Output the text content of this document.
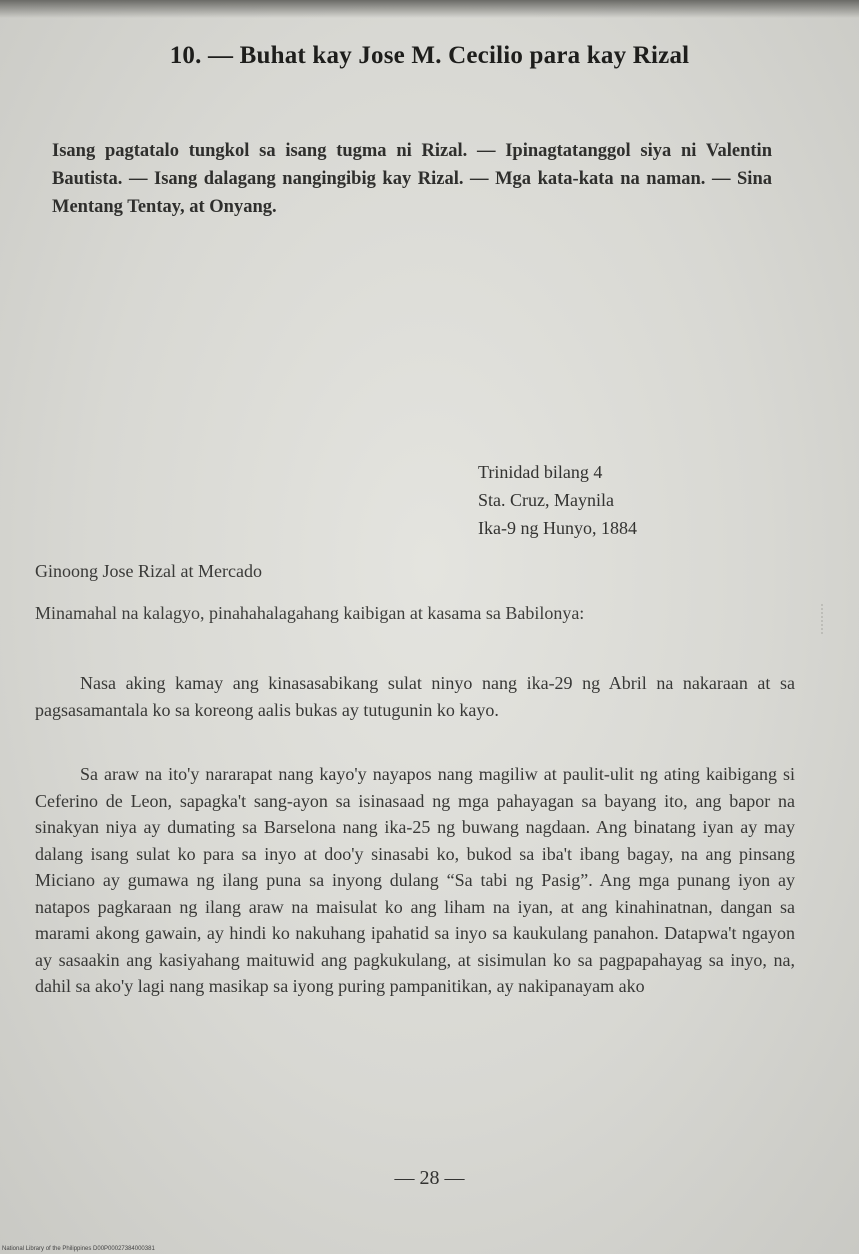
10. — Buhat kay Jose M. Cecilio para kay Rizal
Isang pagtatalo tungkol sa isang tugma ni Rizal. — Ipinagtatanggol siya ni Valentin Bautista. — Isang dalagang nangingibig kay Rizal. — Mga kata-kata na naman. — Sina Mentang Tentay, at Onyang.
Trinidad bilang 4
Sta. Cruz, Maynila
Ika-9 ng Hunyo, 1884
Ginoong Jose Rizal at Mercado
Minamahal na kalagyo, pinahahalagahang kaibigan at kasama sa Babilonya:

Nasa aking kamay ang kinasasabikang sulat ninyo nang ika-29 ng Abril na nakaraan at sa pagsasamantala ko sa koreong aalis bukas ay tutugunin ko kayo.

Sa araw na ito'y nararapat nang kayo'y nayapos nang magiliw at paulit-ulit ng ating kaibigang si Ceferino de Leon, sapagka't sang-ayon sa isinasaad ng mga pahayagan sa bayang ito, ang bapor na sinakyan niya ay dumating sa Barselona nang ika-25 ng buwang nagdaan. Ang binatang iyan ay may dalang isang sulat ko para sa inyo at doo'y sinasabi ko, bukod sa iba't ibang bagay, na ang pinsang Miciano ay gumawa ng ilang puna sa inyong dulang “Sa tabi ng Pasig”. Ang mga punang iyon ay natapos pagkaraan ng ilang araw na maisulat ko ang liham na iyan, at ang kinahinatnan, dangan sa marami akong gawain, ay hindi ko nakuhang ipahatid sa inyo sa kaukulang panahon. Datapwa't ngayon ay sasaakin ang kasiyahang maituwid ang pagkukulang, at sisimulan ko sa pagpapahayag sa inyo, na, dahil sa ako'y lagi nang masikap sa iyong puring pampanitikan, ay nakipanayam ako

— 28 —
National Library of the Philippines D00P00027384000381
